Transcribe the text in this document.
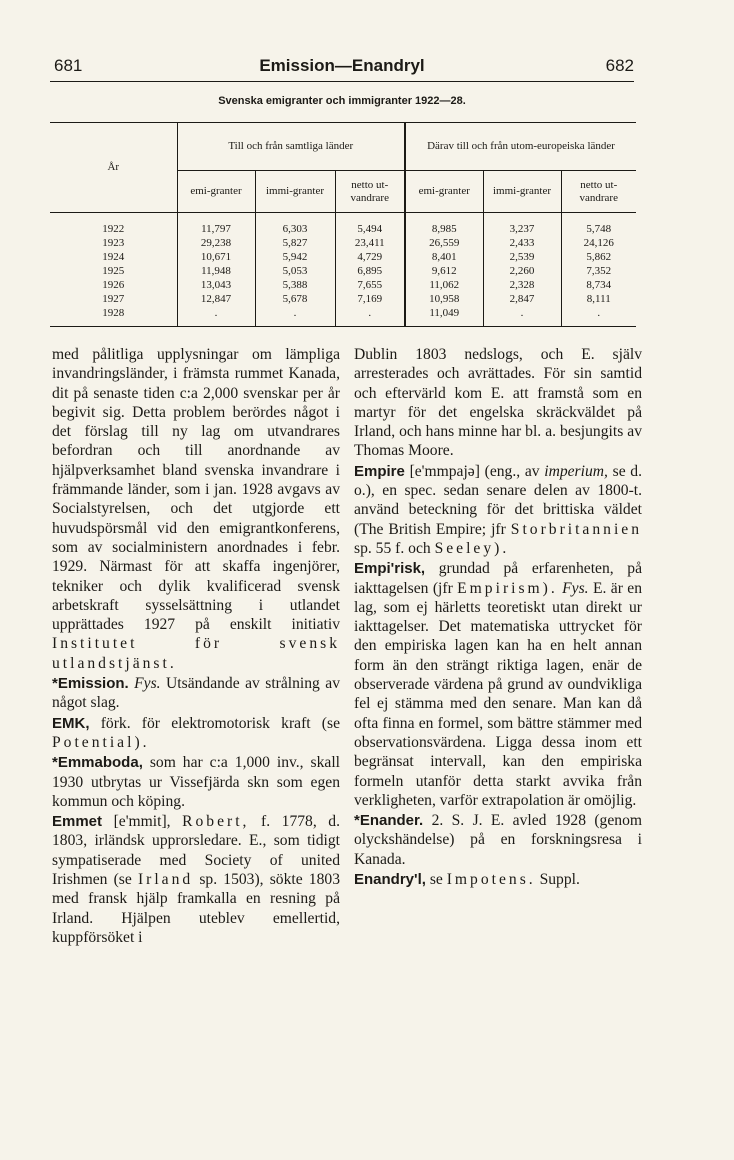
681	Emission—Enandryl	682
Svenska emigranter och immigranter 1922—28.
År	Till och från samtliga länder			Därav till och från utom-europeiska länder		
	emi-granter	immi-granter	netto ut-vandrare	emi-granter	immi-granter	netto ut-vandrare
1922	11,797	6,303	5,494	8,985	3,237	5,748
1923	29,238	5,827	23,411	26,559	2,433	24,126
1924	10,671	5,942	4,729	8,401	2,539	5,862
1925	11,948	5,053	6,895	9,612	2,260	7,352
1926	13,043	5,388	7,655	11,062	2,328	8,734
1927	12,847	5,678	7,169	10,958	2,847	8,111
1928	.	.	.	11,049	.	.

med pålitliga upplysningar om lämpliga invandringsländer, i främsta rummet Kanada, dit på senaste tiden c:a 2,000 svenskar per år begivit sig. Detta problem berördes något i det förslag till ny lag om utvandrares befordran och till anordnande av hjälpverksamhet bland svenska invandrare i främmande länder, som i jan. 1928 avgavs av Socialstyrelsen, och det utgjorde ett huvudspörsmål vid den emigrantkonferens, som av socialministern anordnades i febr. 1929. Närmast för att skaffa ingenjörer, tekniker och dylik kvalificerad svensk arbetskraft sysselsättning i utlandet upprättades 1927 på enskilt initiativ Institutet för svensk utlandstjänst.

*Emission. Fys. Utsändande av strålning av något slag.

EMK, förk. för elektromotorisk kraft (se Potential).

*Emmaboda, som har c:a 1,000 inv., skall 1930 utbrytas ur Vissefjärda skn som egen kommun och köping.

Emmet [e'mmit], Robert, f. 1778, d. 1803, irländsk upprorsledare. E., som tidigt sympatiserade med Society of united Irishmen (se Irland sp. 1503), sökte 1803 med fransk hjälp framkalla en resning på Irland. Hjälpen uteblev emellertid, kuppförsöket i

Dublin 1803 nedslogs, och E. själv arresterades och avrättades. För sin samtid och eftervärld kom E. att framstå som en martyr för det engelska skräckväldet på Irland, och hans minne har bl. a. besjungits av Thomas Moore.

Empire [e'mmpajə] (eng., av imperium, se d. o.), en spec. sedan senare delen av 1800-t. använd beteckning för det brittiska väldet (The British Empire; jfr Storbritannien sp. 55 f. och Seeley).

Empi'risk, grundad på erfarenheten, på iakttagelsen (jfr Empirism). Fys. E. är en lag, som ej härletts teoretiskt utan direkt ur iakttagelser. Det matematiska uttrycket för den empiriska lagen kan ha en helt annan form än den strängt riktiga lagen, enär de observerade värdena på grund av oundvikliga fel ej stämma med den senare. Man kan då ofta finna en formel, som bättre stämmer med observationsvärdena. Ligga dessa inom ett begränsat intervall, kan den empiriska formeln utanför detta starkt avvika från verkligheten, varför extrapolation är omöjlig.

*Enander. 2. S. J. E. avled 1928 (genom olyckshändelse) på en forskningsresa i Kanada.

Enandry'l, se Impotens. Suppl.
